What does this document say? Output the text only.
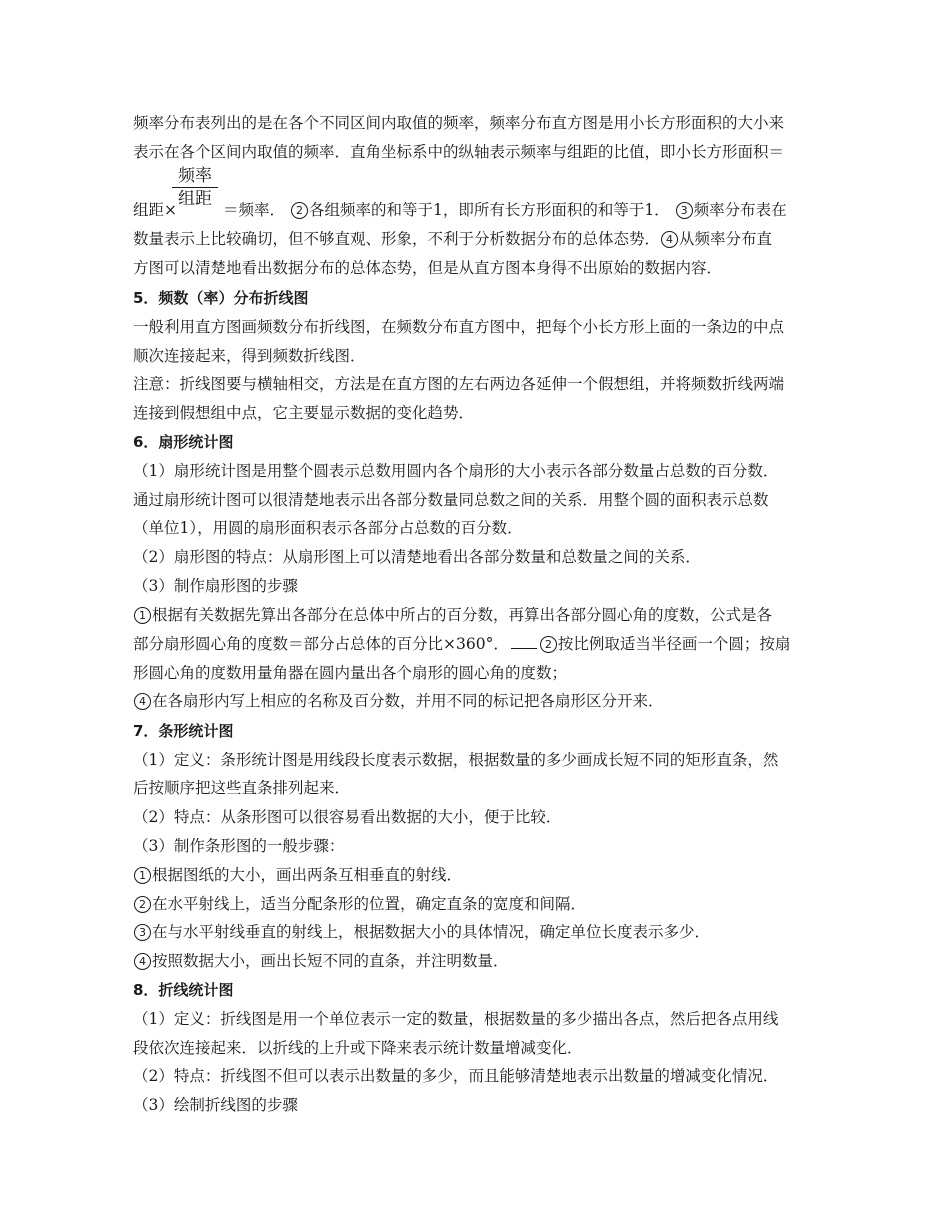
频率分布表列出的是在各个不同区间内取值的频率，频率分布直方图是用小长方形面积的大小来
表示在各个区间内取值的频率．直角坐标系中的纵轴表示频率与组距的比值，即小长方形面积＝
频率
组距
组距×	＝频率． 2 各组频率的和等于1，即所有长方形面积的和等于1． 3 频率分布表在
数量表示上比较确切，但不够直观、形象，不利于分析数据分布的总体态势． 4 从频率分布直
方图可以清楚地看出数据分布的总体态势，但是从直方图本身得不出原始的数据内容．
5．频数（率）分布折线图
一般利用直方图画频数分布折线图，在频数分布直方图中，把每个小长方形上面的一条边的中点
顺次连接起来，得到频数折线图．
注意：折线图要与横轴相交，方法是在直方图的左右两边各延伸一个假想组，并将频数折线两端
连接到假想组中点，它主要显示数据的变化趋势．
6．扇形统计图
（1）扇形统计图是用整个圆表示总数用圆内各个扇形的大小表示各部分数量占总数的百分数．
通过扇形统计图可以很清楚地表示出各部分数量同总数之间的关系．用整个圆的面积表示总数
（单位1），用圆的扇形面积表示各部分占总数的百分数．
（2）扇形图的特点：从扇形图上可以清楚地看出各部分数量和总数量之间的关系．
（3）制作扇形图的步骤
1 根据有关数据先算出各部分在总体中所占的百分数，再算出各部分圆心角的度数，公式是各
部分扇形圆心角的度数＝部分占总体的百分比×360°．	2 按比例取适当半径画一个圆；按扇
形圆心角的度数用量角器在圆内量出各个扇形的圆心角的度数；
4 在各扇形内写上相应的名称及百分数，并用不同的标记把各扇形区分开来．
7．条形统计图
（1）定义：条形统计图是用线段长度表示数据，根据数量的多少画成长短不同的矩形直条，然
后按顺序把这些直条排列起来．
（2）特点：从条形图可以很容易看出数据的大小，便于比较．
（3）制作条形图的一般步骤：
1 根据图纸的大小，画出两条互相垂直的射线．
2 在水平射线上，适当分配条形的位置，确定直条的宽度和间隔．
3 在与水平射线垂直的射线上，根据数据大小的具体情况，确定单位长度表示多少．
4 按照数据大小，画出长短不同的直条，并注明数量．
8．折线统计图
（1）定义：折线图是用一个单位表示一定的数量，根据数量的多少描出各点，然后把各点用线
段依次连接起来．以折线的上升或下降来表示统计数量增减变化．
（2）特点：折线图不但可以表示出数量的多少，而且能够清楚地表示出数量的增减变化情况．
（3）绘制折线图的步骤
